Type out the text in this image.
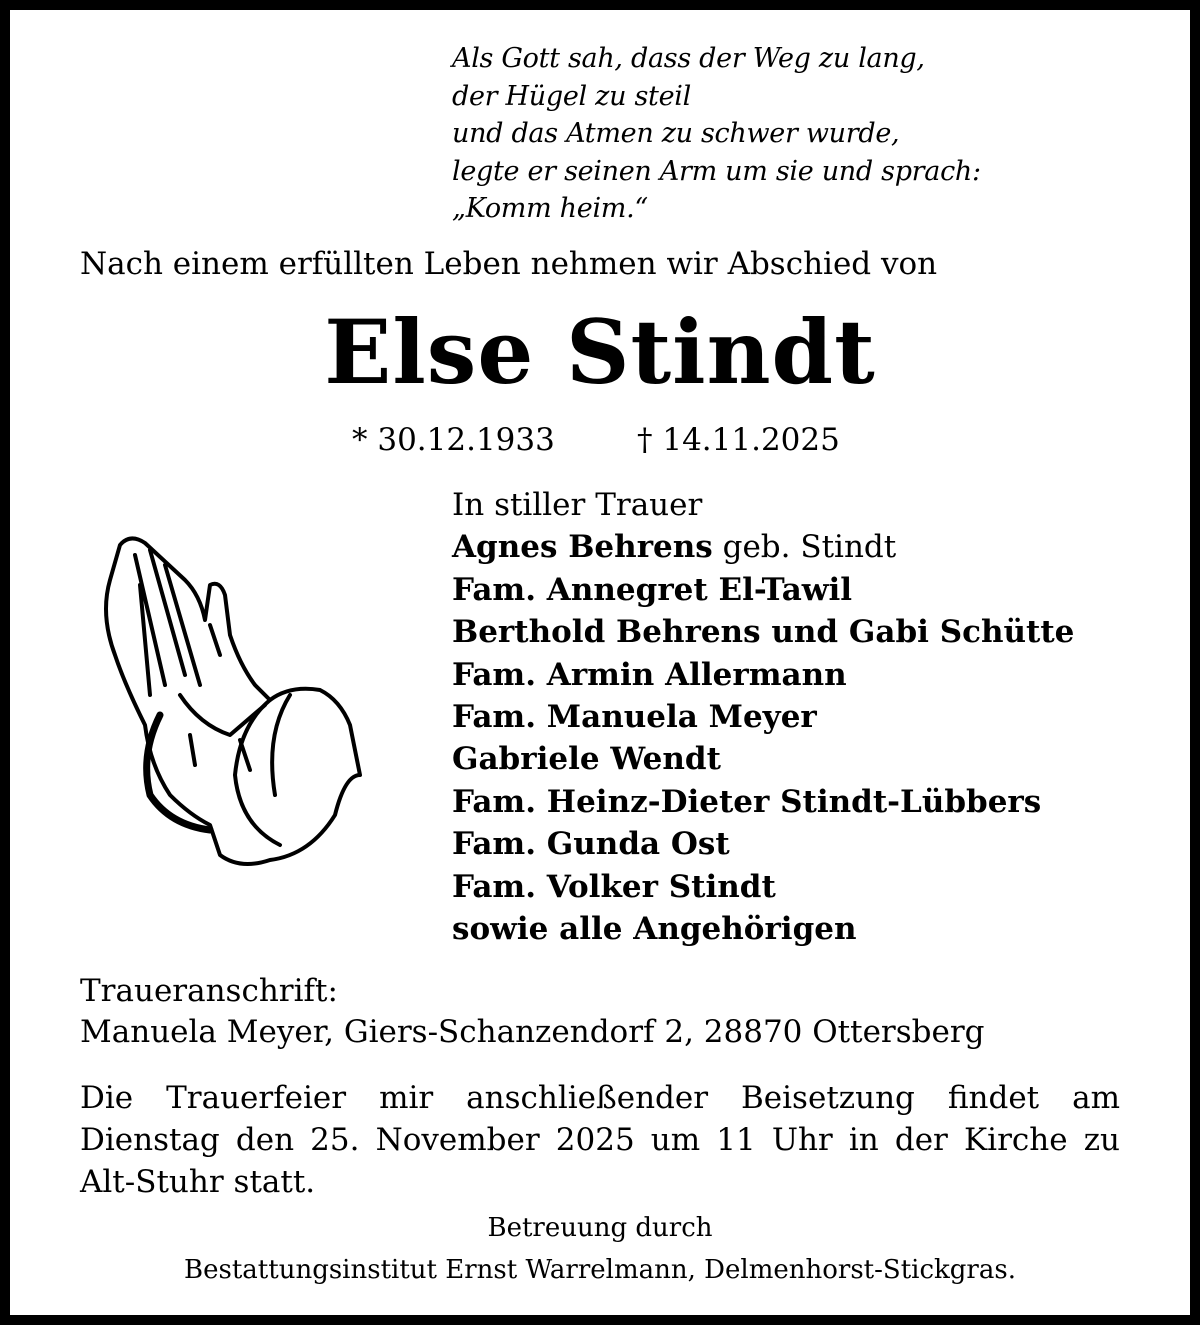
Als Gott sah, dass der Weg zu lang,
der Hügel zu steil
und das Atmen zu schwer wurde,
legte er seinen Arm um sie und sprach:
„Komm heim.“
Nach einem erfüllten Leben nehmen wir Abschied von
Else Stindt
* 30.12.1933	† 14.11.2025
In stiller Trauer
Agnes Behrens geb. Stindt
Fam. Annegret El-Tawil
Berthold Behrens und Gabi Schütte
Fam. Armin Allermann
Fam. Manuela Meyer
Gabriele Wendt
Fam. Heinz-Dieter Stindt-Lübbers
Fam. Gunda Ost
Fam. Volker Stindt
sowie alle Angehörigen
Traueranschrift:
Manuela Meyer, Giers-Schanzendorf 2, 28870 Ottersberg
Die Trauerfeier mir anschließender Beisetzung findet am
Dienstag den 25. November 2025 um 11 Uhr in der Kirche zu
Alt-Stuhr statt.
Betreuung durch
Bestattungsinstitut Ernst Warrelmann, Delmenhorst-Stickgras.
